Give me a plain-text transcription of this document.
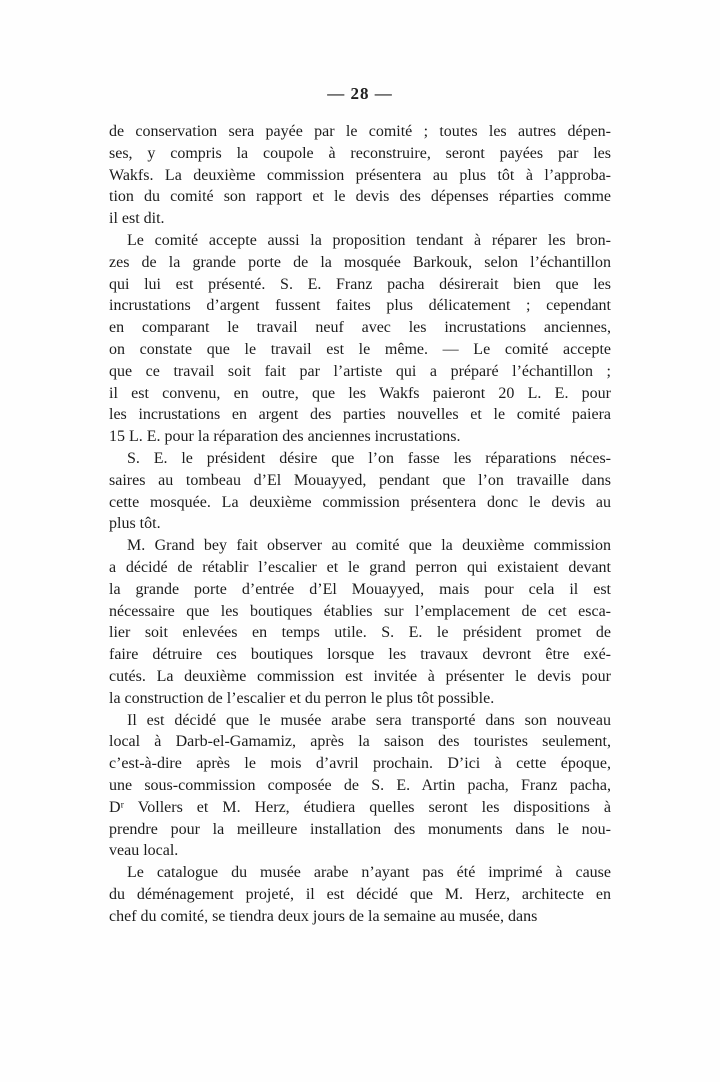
— 28 —
de conservation sera payée par le comité ; toutes les autres dépen-
ses, y compris la coupole à reconstruire, seront payées par les
Wakfs. La deuxième commission présentera au plus tôt à l’approba-
tion du comité son rapport et le devis des dépenses réparties comme
il est dit.
Le comité accepte aussi la proposition tendant à réparer les bron-
zes de la grande porte de la mosquée Barkouk, selon l’échantillon
qui lui est présenté. S. E. Franz pacha désirerait bien que les
incrustations d’argent fussent faites plus délicatement ; cependant
en comparant le travail neuf avec les incrustations anciennes,
on constate que le travail est le même. — Le comité accepte
que ce travail soit fait par l’artiste qui a préparé l’échantillon ;
il est convenu, en outre, que les Wakfs paieront 20 L. E. pour
les incrustations en argent des parties nouvelles et le comité paiera
15 L. E. pour la réparation des anciennes incrustations.
S. E. le président désire que l’on fasse les réparations néces-
saires au tombeau d’El Mouayyed, pendant que l’on travaille dans
cette mosquée. La deuxième commission présentera donc le devis au
plus tôt.
M. Grand bey fait observer au comité que la deuxième commission
a décidé de rétablir l’escalier et le grand perron qui existaient devant
la grande porte d’entrée d’El Mouayyed, mais pour cela il est
nécessaire que les boutiques établies sur l’emplacement de cet esca-
lier soit enlevées en temps utile. S. E. le président promet de
faire détruire ces boutiques lorsque les travaux devront être exé-
cutés. La deuxième commission est invitée à présenter le devis pour
la construction de l’escalier et du perron le plus tôt possible.
Il est décidé que le musée arabe sera transporté dans son nouveau
local à Darb-el-Gamamiz, après la saison des touristes seulement,
c’est-à-dire après le mois d’avril prochain. D’ici à cette époque,
une sous-commission composée de S. E. Artin pacha, Franz pacha,
Dʳ Vollers et M. Herz, étudiera quelles seront les dispositions à
prendre pour la meilleure installation des monuments dans le nou-
veau local.
Le catalogue du musée arabe n’ayant pas été imprimé à cause
du déménagement projeté, il est décidé que M. Herz, architecte en
chef du comité, se tiendra deux jours de la semaine au musée, dans
